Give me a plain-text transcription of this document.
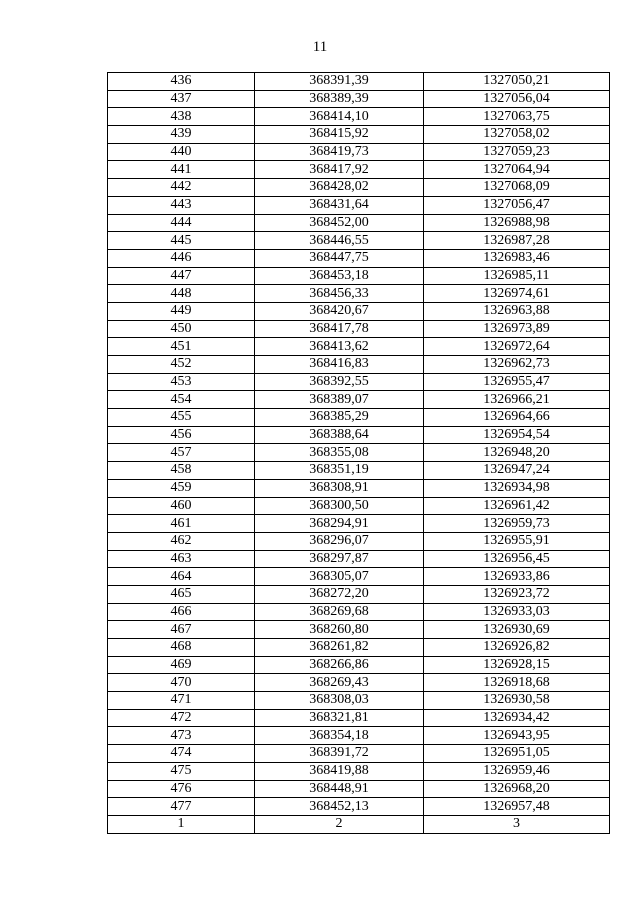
11
436	368391,39	1327050,21
437	368389,39	1327056,04
438	368414,10	1327063,75
439	368415,92	1327058,02
440	368419,73	1327059,23
441	368417,92	1327064,94
442	368428,02	1327068,09
443	368431,64	1327056,47
444	368452,00	1326988,98
445	368446,55	1326987,28
446	368447,75	1326983,46
447	368453,18	1326985,11
448	368456,33	1326974,61
449	368420,67	1326963,88
450	368417,78	1326973,89
451	368413,62	1326972,64
452	368416,83	1326962,73
453	368392,55	1326955,47
454	368389,07	1326966,21
455	368385,29	1326964,66
456	368388,64	1326954,54
457	368355,08	1326948,20
458	368351,19	1326947,24
459	368308,91	1326934,98
460	368300,50	1326961,42
461	368294,91	1326959,73
462	368296,07	1326955,91
463	368297,87	1326956,45
464	368305,07	1326933,86
465	368272,20	1326923,72
466	368269,68	1326933,03
467	368260,80	1326930,69
468	368261,82	1326926,82
469	368266,86	1326928,15
470	368269,43	1326918,68
471	368308,03	1326930,58
472	368321,81	1326934,42
473	368354,18	1326943,95
474	368391,72	1326951,05
475	368419,88	1326959,46
476	368448,91	1326968,20
477	368452,13	1326957,48
1	2	3
